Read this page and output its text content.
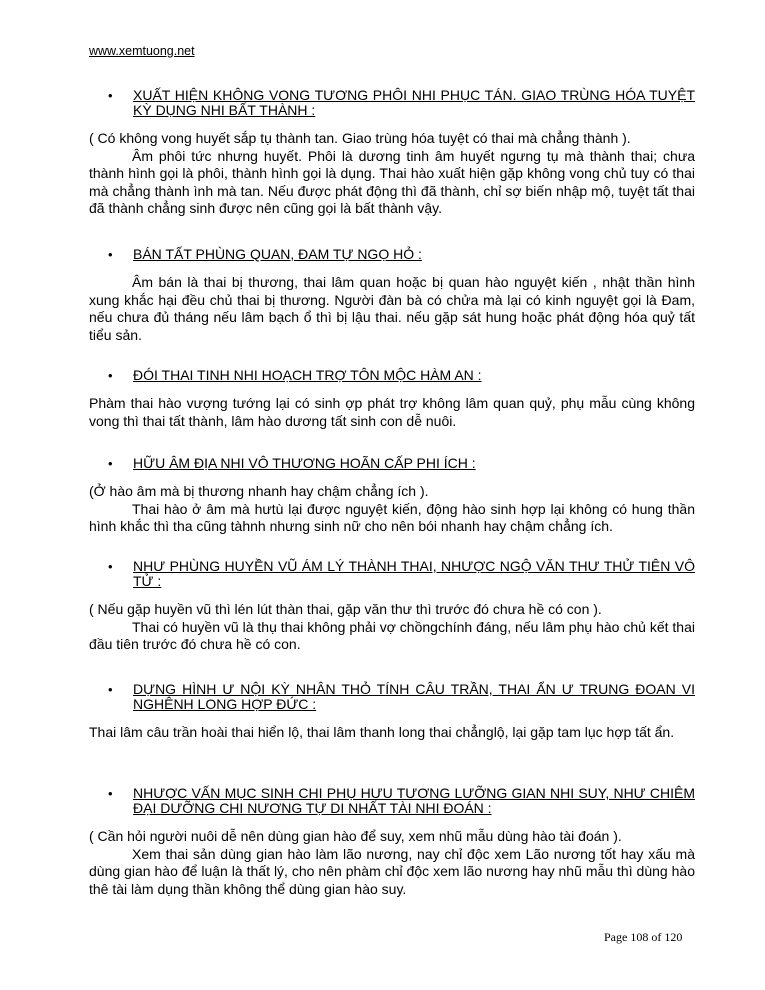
www.xemtuong.net
• XUẤT HIỆN KHÔNG VONG TƯƠNG PHÔI NHI PHỤC TÁN. GIAO TRÙNG HÓA TUYỆT KỲ DỤNG NHI BẤT THÀNH :
( Có không vong huyết sắp tụ thành tan. Giao trùng hóa tuyệt có thai mà chẳng thành ).
Âm phôi tức nhưng huyết. Phôi là dương tinh âm huyết ngưng tụ mà thành thai; chưa thành hình gọi là phôi, thành hình gọi là dụng. Thai hào xuất hiện gặp không vong chủ tuy có thai mà chẳng thành ình mà tan. Nếu được phát động thì đã thành, chỉ sợ biến nhập mộ, tuyệt tất thai đã thành chẳng sinh được nên cũng gọi là bất thành vậy.
• BÁN TẤT PHÙNG QUAN, ĐAM TỰ NGỌ HỎ :
Âm bán là thai bị thương, thai lâm quan hoặc bị quan hào nguyệt kiến , nhật thần hình xung khắc hại đều chủ thai bị thương. Người đàn bà có chửa mà lại có kinh nguyệt gọi là Đam, nếu chưa đủ tháng nếu lâm bạch ổ thì bị lậu thai. nếu gặp sát hung hoặc phát động hóa quỷ tất tiểu sản.
• ĐÓI THAI TINH NHI HOẠCH TRỢ TÔN MỘC HÀM AN :
Phàm thai hào vượng tướng lại có sinh ợp phát trợ không lâm quan quỷ, phụ mẫu cùng không vong thì thai tất thành, lâm hào dương tất sinh con dễ nuôi.
• HỮU ÂM ĐỊA NHI VÔ THƯƠNG HOÃN CẤP PHI ÍCH :
(Ở hào âm mà bị thương nhanh hay chậm chẳng ích ).
Thai hào ở âm mà hưtù lại được nguyệt kiến, động hào sinh hợp lại không có hung thần hình khắc thì tha cũng tàhnh nhưng sinh nữ cho nên bói nhanh hay chậm chẳng ích.
• NHƯ PHÙNG HUYỀN VŨ ÁM LÝ THÀNH THAI, NHƯỢC NGỘ VĂN THƯ THỬ TIÊN VÔ TỬ :
( Nếu gặp huyền vũ thì lén lút thàn thai, gặp văn thư thì trước đó chưa hề có con ).
Thai có huyền vũ là thụ thai không phải vợ chồngchính đáng, nếu lâm phụ hào chủ kết thai đầu tiên trước đó chưa hề có con.
• DỰNG HÌNH Ư NỘI KỲ NHÂN THỎ TÍNH CÂU TRẦN, THAI ẨN Ư TRUNG ĐOAN VI NGHÊNH LONG HỢP ĐỨC :
Thai lâm câu trần hoài thai hiển lộ, thai lâm thanh long thai chẳnglộ, lại gặp tam lục hợp tất ẩn.
• NHƯỢC VẤN MỤC SINH CHI PHỤ HƯU TƯƠNG LƯỠNG GIAN NHI SUY, NHƯ CHIÊM ĐẠI DƯỠNG CHI NƯƠNG TỰ DI NHẤT TÀI NHI ĐOÁN :
( Cần hỏi người nuôi dễ nên dùng gian hào để suy, xem nhũ mẫu dùng hào tài đoán ).
Xem thai sản dùng gian hào làm lão nương, nay chỉ độc xem Lão nương tốt hay xấu mà dùng gian hào để luận là thất lý, cho nên phàm chỉ độc xem lão nương hay nhũ mẫu thì dùng hào thê tài làm dụng thần không thể dùng gian hào suy.
Page 108 of 120
